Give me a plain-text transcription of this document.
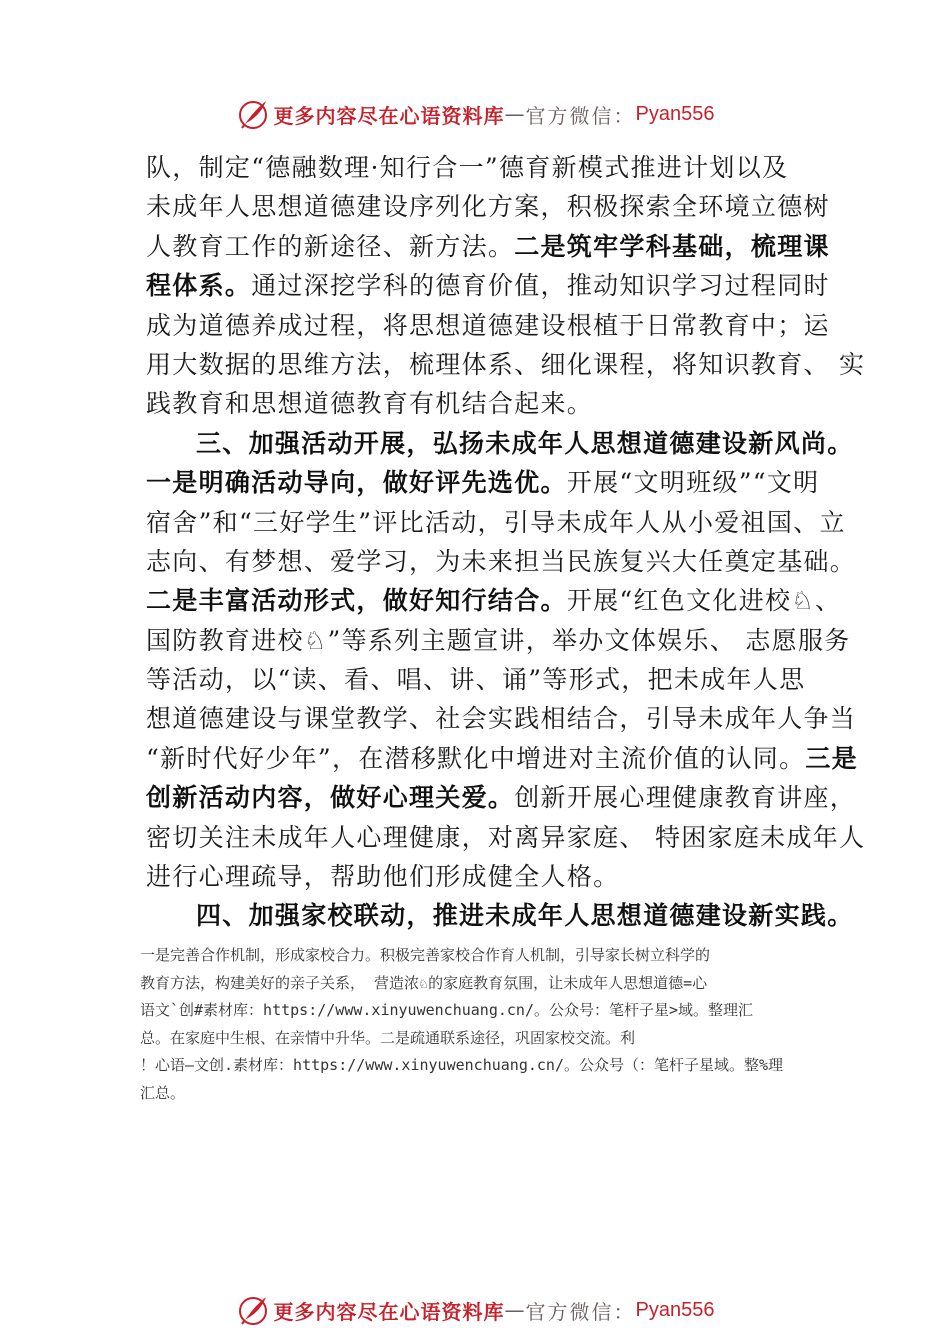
更多内容尽在心语资料库 — 官方微信： Pyan556
队，制定“德融数理·知行合一”德育新模式推进计划以及
未成年人思想道德建设序列化方案，积极探索全环境立德树
人教育工作的新途径、新方法。二是筑牢学科基础，梳理课
程体系。通过深挖学科的德育价值，推动知识学习过程同时
成为道德养成过程，将思想道德建设根植于日常教育中；运
用大数据的思维方法，梳理体系、细化课程，将知识教育、 实
践教育和思想道德教育有机结合起来。
三、加强活动开展，弘扬未成年人思想道德建设新风尚。
一是明确活动导向，做好评先选优。开展“文明班级”“文明
宿舍”和“三好学生”评比活动，引导未成年人从小爱祖国、立
志向、有梦想、爱学习，为未来担当民族复兴大任奠定基础。
二是丰富活动形式，做好知行结合。开展“红色文化进校♘、
国防教育进校♘”等系列主题宣讲，举办文体娱乐、 志愿服务
等活动，以“读、看、唱、讲、诵”等形式，把未成年人思
想道德建设与课堂教学、社会实践相结合，引导未成年人争当
“新时代好少年”，在潜移默化中增进对主流价值的认同。三是
创新活动内容，做好心理关爱。创新开展心理健康教育讲座，
密切关注未成年人心理健康，对离异家庭、 特困家庭未成年人
进行心理疏导，帮助他们形成健全人格。
四、加强家校联动，推进未成年人思想道德建设新实践。
一是完善合作机制，形成家校合力。积极完善家校合作育人机制，引导家长树立科学的
教育方法，构建美好的亲子关系， 营造浓♘的家庭教育氛围，让未成年人思想道德=心
语文`创#素材库：https://www.xinyuwenchuang.cn/。公众号：笔杆子星>域。整理汇
总。在家庭中生根、在亲情中升华。二是疏通联系途径，巩固家校交流。利
！心语—文创.素材库：https://www.xinyuwenchuang.cn/。公众号（：笔杆子星域。整%理
汇总。
更多内容尽在心语资料库 — 官方微信： Pyan556
